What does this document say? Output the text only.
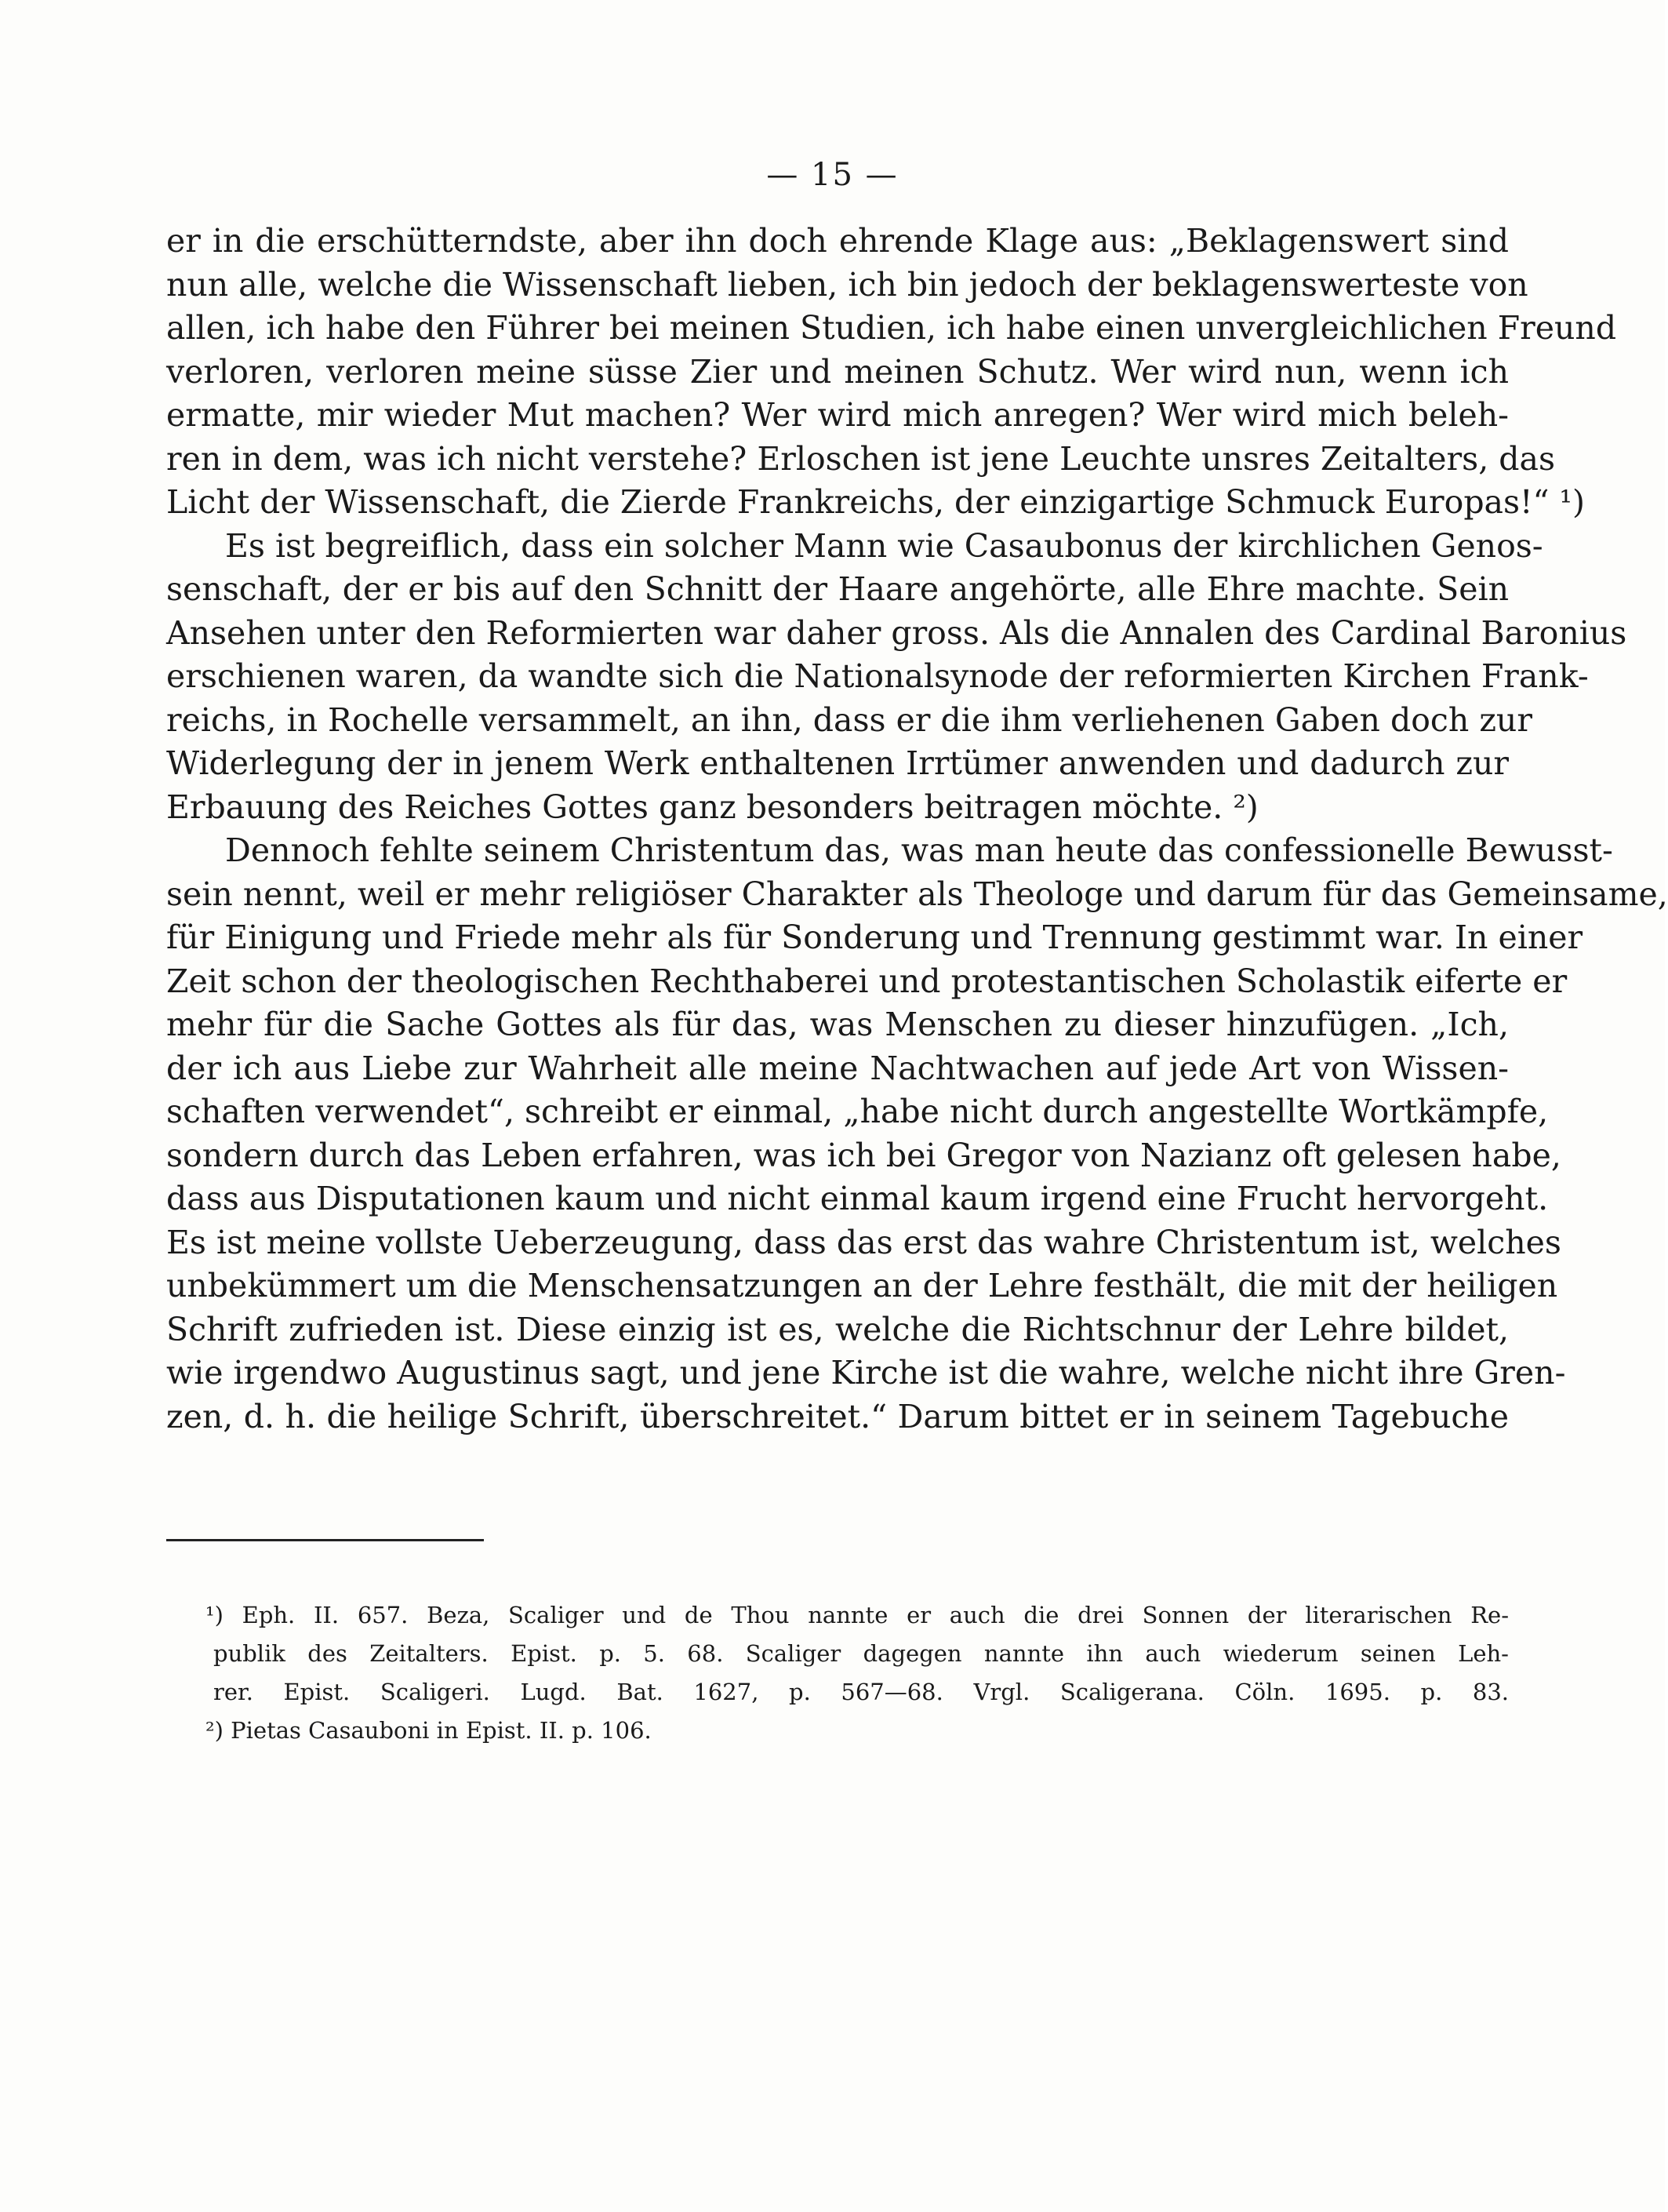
— 15 —
er in die erschütterndste, aber ihn doch ehrende Klage aus: „Beklagenswert sind
nun alle, welche die Wissenschaft lieben, ich bin jedoch der beklagenswerteste von
allen, ich habe den Führer bei meinen Studien, ich habe einen unvergleichlichen Freund
verloren, verloren meine süsse Zier und meinen Schutz. Wer wird nun, wenn ich
ermatte, mir wieder Mut machen? Wer wird mich anregen? Wer wird mich beleh-
ren in dem, was ich nicht verstehe? Erloschen ist jene Leuchte unsres Zeitalters, das
Licht der Wissenschaft, die Zierde Frankreichs, der einzigartige Schmuck Europas!“ ¹)
Es ist begreiflich, dass ein solcher Mann wie Casaubonus der kirchlichen Genos-
senschaft, der er bis auf den Schnitt der Haare angehörte, alle Ehre machte. Sein
Ansehen unter den Reformierten war daher gross. Als die Annalen des Cardinal Baronius
erschienen waren, da wandte sich die Nationalsynode der reformierten Kirchen Frank-
reichs, in Rochelle versammelt, an ihn, dass er die ihm verliehenen Gaben doch zur
Widerlegung der in jenem Werk enthaltenen Irrtümer anwenden und dadurch zur
Erbauung des Reiches Gottes ganz besonders beitragen möchte. ²)
Dennoch fehlte seinem Christentum das, was man heute das confessionelle Bewusst-
sein nennt, weil er mehr religiöser Charakter als Theologe und darum für das Gemeinsame,
für Einigung und Friede mehr als für Sonderung und Trennung gestimmt war. In einer
Zeit schon der theologischen Rechthaberei und protestantischen Scholastik eiferte er
mehr für die Sache Gottes als für das, was Menschen zu dieser hinzufügen. „Ich,
der ich aus Liebe zur Wahrheit alle meine Nachtwachen auf jede Art von Wissen-
schaften verwendet“, schreibt er einmal, „habe nicht durch angestellte Wortkämpfe,
sondern durch das Leben erfahren, was ich bei Gregor von Nazianz oft gelesen habe,
dass aus Disputationen kaum und nicht einmal kaum irgend eine Frucht hervorgeht.
Es ist meine vollste Ueberzeugung, dass das erst das wahre Christentum ist, welches
unbekümmert um die Menschensatzungen an der Lehre festhält, die mit der heiligen
Schrift zufrieden ist. Diese einzig ist es, welche die Richtschnur der Lehre bildet,
wie irgendwo Augustinus sagt, und jene Kirche ist die wahre, welche nicht ihre Gren-
zen, d. h. die heilige Schrift, überschreitet.“ Darum bittet er in seinem Tagebuche
¹) Eph. II. 657. Beza, Scaliger und de Thou nannte er auch die drei Sonnen der literarischen Re-
publik des Zeitalters. Epist. p. 5. 68. Scaliger dagegen nannte ihn auch wiederum seinen Leh-
rer. Epist. Scaligeri. Lugd. Bat. 1627, p. 567—68. Vrgl. Scaligerana. Cöln. 1695. p. 83.
²) Pietas Casauboni in Epist. II. p. 106.
